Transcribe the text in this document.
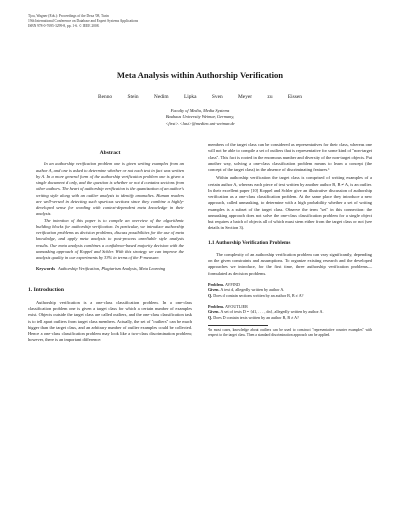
Tjoa, Wagner (Eds.): Proceedings of the Dexa '08, Turin
19th International Conference on Database and Expert Systems Applications
ISBN 978-0-7695-3299-8, pp. 1-6. © IEEE 2008.
Meta Analysis within Authorship Verification
Benno Stein	Nedim Lipka	Sven Meyer zu Eissen
Faculty of Media, Media Systems
Bauhaus University Weimar, Germany,
<first>.<last>@medien.uni-weimar.de
Abstract

In an authorship verification problem one is given writing examples from an author A, and one is asked to determine whether or not each text in fact was written by A. In a more general form of the authorship verification problem one is given a single document d only, and the question is whether or not d contains sections from other authors. The heart of authorship verification is the quantization of an author's writing style along with an outlier analysis to identify anomalies. Human readers are well-versed in detecting such spurious sections since they combine a highly-developed sense for wording with context-dependent meta knowledge in their analysis.

The intention of this paper is to compile an overview of the algorithmic building blocks for authorship verification. In particular, we introduce authorship verification problems as decision problems, discuss possibilities for the use of meta knowledge, and apply meta analysis to post-process unreliable style analysis results. Our meta analysis combines a confidence-based majority decision with the unmasking approach of Koppel and Schler. With this strategy we can improve the analysis quality in our experiments by 33% in terms of the F-measure.

Keywords Authorship Verification, Plagiarism Analysis, Meta Learning

1. Introduction

Authorship verification is a one-class classification problem. In a one-class classification problem one is given a target class for which a certain number of examples exist. Objects outside the target class are called outliers, and the one-class classification task is to tell apart outliers from target class members. Actually, the set of "outliers" can be much bigger than the target class, and an arbitrary number of outlier examples could be collected. Hence a one-class classification problem may look like a two-class discrimination problem; however, there is an important difference:

members of the target class can be considered as representatives for their class, whereas one will not be able to compile a set of outliers that is representative for some kind of "non-target class". This fact is rooted in the enormous number and diversity of the non-target objects. Put another way, solving a one-class classification problem means to learn a concept (the concept of the target class) in the absence of discriminating features.¹

Within authorship verification the target class is comprised of writing examples of a certain author A, whereas each piece of text written by another author B, B ≠ A, is an outlier. In their excellent paper [10] Koppel and Schler give an illustrative discussion of authorship verification as a one-class classification problem. At the same place they introduce a new approach, called unmasking, to determine with a high probability whether a set of writing examples is a subset of the target class. Observe the term "set" in this connection: the unmasking approach does not solve the one-class classification problem for a single object but requires a batch of objects all of which must stem either from the target class or not (see details in Section 3).

1.1 Authorship Verification Problems

The complexity of an authorship verification problem can vary significantly, depending on the given constraints and assumptions. To organize existing research and the developed approaches we introduce, for the first time, three authorship verification problems—formulated as decision problems.

Problem. AVFIND
Given. A text d, allegedly written by author A.
Q. Does d contain sections written by an author B, B ≠ A?
Problem. AVOUTLIER
Given. A set of texts D = {d1, . . . , dn}, allegedly written by author A.
Q. Does D contain texts written by an author B, B ≠ A?

¹In most cases, knowledge about outliers can be used to construct "representative counter examples" with respect to the target class. Then a standard discrimination approach can be applied.
